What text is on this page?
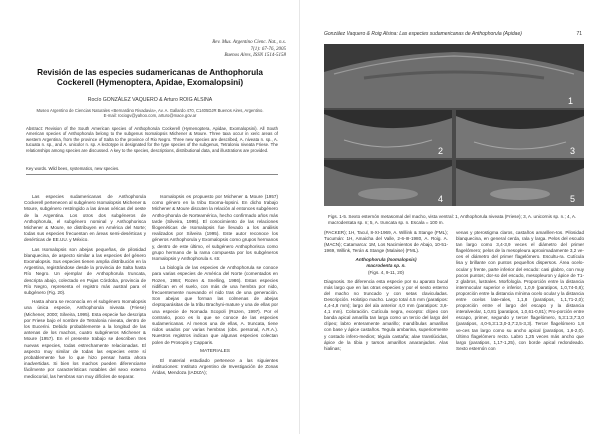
Rev. Mus. Argentino Cienc. Nat., n.s.
7(1): 67-76, 2005
Buenos Aires, ISSN 1514-5158
Revisión de las especies sudamericanas de Anthophorula Cockerell (Hymenoptera, Apidae, Exomalopsini)
Rocío GONZÁLEZ VAQUERO & Arturo ROIG ALSINA
Museo Argentino de Ciencias Naturales «Bernardino Rivadavia», Av. A. Gallardo 470, C1405DJR Buenos Aires, Argentino. E-mail: rociogv@yahoo.com, arturo@mace.gov.ar
Abstract: Revision of the South American species of Anthophorula Cockerell (Hymenoptera, Apidae, Exomalopsini). All South American species of Anthophorula belong to the subgenus Isomalopsis Michener & Moure. Three taxa occur in xeric areas of western Argentina, from the province of Salta to the province of Rio Negro. Three new species are described, A. niveata n. sp., A. tucuata n. sp., and A. unicolor n. sp. A lectotype is designated for the type species of the subgenus, Tetraloniu niveata Friese. The relationships among species are discussed. A key to the species, descriptions, distributional data, and illustrations are provided.
Key words. Wild bees, systematics, new species.

Las especies sudamericanas de Anthophorula Cockerell pertenecen al subgénero Isomalopsis Michener & Moure, subgénero restringido a las áreas xéricas del oeste de la Argentina. Los otros dos subgéneros de Anthophorula, el subgénero nominal y Anthophorisca Michener & Moure, se distribuyen en América del Norte; todas sus especies frecuentan en áreas semi-desérticas y desérticas de EE.UU. y México.

Las Isomalopsis son abejas pequeñas, de pilosidad blanquecina, de aspecto similar a las especies del género Exomalopsis. Sus especies tienen amplia distribución en la Argentina, registrándose desde la provincia de Salta hasta Río Negro. Un ejemplar de Anthophorula truncata, descripta abajo, colectado en Pajas Córdoba, provincia de Río Negro, representa el registro más austral para el subgénero (Fig. 20).

Hasta ahora se reconocía en el subgénero Isomalopsis una única especie, Anthophorula niveata (Friese) (Michener, 2000; Silveira, 1995). Esta especie fue descripta por Friese bajo el nombre de Tetralonia niveata, dentro de los Eucerini. Debido probablemente a la longitud de las antenas de los machos, cuatro subgéneros Michener & Moure (1957). En el presente trabajo se describen tres nuevas especies, todas estrechamente relacionadas. El aspecto muy similar de todas las especies entre sí probablemente fue lo que hizo pensar hasta ahora inadvertidas. Si bien los machos pueden diferenciarse fácilmente por características notables del sexo externo mediocorial, las hembras son muy difíciles de separar.

Isomalopsis es propuesto por Michener & Moure (1957) como género en la tribu Exoma-lopsini. En dicho trabajo Michener & Moure discuten la relación al entonces subgénero Antho-phorula de Norteamérica, hecho confirmado años más tarde (Silveira, 1995). El conocimiento de las relaciones filogenéticas de Isomalopsis fue llevado a los análisis realizados por Silveira (1995). Este autor reconoce los géneros Anthophorula y Exomalopsis como grupos hermanos y, dentro de este último, el subgénero Anthophorisca como grupo hermano de la rama compuesta por los subgéneros Isomalopsis y Anthophorula s. str.

La biología de las especies de Anthophorula se conoce para varias especies de América del Norte (comentados en Rozen, 1984; Rozen & Snelling, 1986). Estas especies nidifican en el suelo, con más de una hembra por nido, frecuentemente nuevando el nido tras de una generación. Son abejas que forman las colmenas de abejas cleptoparásitas de la tribu Brachyni-mature y una de ellas por una especie de Nomada Scopoli (Rozen, 1997). Por el contrario, poco es lo que se conoce de las especies sudamericanas. Al menos una de ellas, A. truncata, tiene nidos usados por varias hembras (obs. personal, A.R.A.). Nuestros registros indican que algunas especies colectan polen de Prosopis y Capparis.

MATERIALES

El material estudiado pertenece a las siguientes instituciones: Instituto Argentino de Investigación de Zonas Áridas, Mendoza (IADIZA);

González Vaquero & Roig Alsina: Las especies sudamericanas de Anthophorula (Apidae)	71
1
2	3
4	5
Figs. 1-5. Sexto esternón metasomal del macho, vista ventral: 1, Anthophorula niveata (Friese); 3, A. unicornis sp. n.; 4, A. macrodentata sp. n; 5, A. truncata sp. n. Escala = 100 m.

(PACKER); 1H, Tacul, 8-XI-1969, A. Willink & Stange (FML); Tucumán: 1H, Amaicha del Valle, 2-6-III-1980, A. Roig. A. (MACN); Catamarca: 1M, Los Nacimientos de Abajo, 10-51-1969, Willink, Terán & Stange (Malaise) (FML).

Anthophorula (Isomalopsis)
macrodenta sp. n.
(Figs. 4, 9-11, 20)

Diagnosis. Se diferencia esta especie por su aparato bucal más largo que en las otras especies y por el sexto esterno del macho no truncado y con setas claviculadas. Descripción. Holotipo macho. Largo total 4.5 mm (paratipos: 4,4-4,8 mm); largo del ala anterior 4,0 mm (paratipos: 3,6-4,1 mm). Coloración. Cutícula negra, excepto: clípeo con banda apical amarilla tan larga como un tercio del largo del clípeo; labro enteramente amarillo; mandíbulas amarillas con base y ápice castaños. Tegula ambarina, superiormente y costado infero-medios; tégula castaña; alae translúcidas, ápice de la tibia y tarsos amarillos anaranjados. Alas hialinas;

venas y pterostigma claros, castaños amarillen-tos. Pilosidad blanquecina, en general cerda, rala y larga. Pelos del escudo tan largo como 3,4-3,9 veces el diámetro del primer flagelómero; pelos de la mesopleura aproximadamente 3,2 ve-ces el diámetro del primer flagelómero. Escultu-ra. Cutícula lisa y brillante con puntos pequeños dispersos. Área ocelo-ocular y frente, parte inferior del escudo: casi glabro, con muy pocos puntos; dor-so del escudo, mesopleuron y ápice de T1-2 glabros, lustrales. Morfología. Proporción entre la distancia intermocular superior e inferior, 1,0,9 (paratipos, 1,0,74-0,8); proporción entre la distancia mínima ocelo ocular y la distancia entre ocelos late-rales, 1,1,8 (paratipos, 1,1,71-2,0); proporción entre el largo del escapo y la distancia interalveolar, 1,0,81 (paratipos, 1,0,61-0,81); Pro-porción entre escapo, primer, segundo y tercer flagelómero, 5,3:1:3,7:3,0 (paratipos, 4,0-5,3:1:3,0-3,7:2,5-3,3). Tercer flagelómero 1,8 ve-ces tan largo como su ancho apical (paratipos, 1,6-2,0). Último flagelómero recto. Labro 1,25 veces más ancho que largo (paratipos, 1,17-1,25), con borde apical redondeado. Sexto esternón con
